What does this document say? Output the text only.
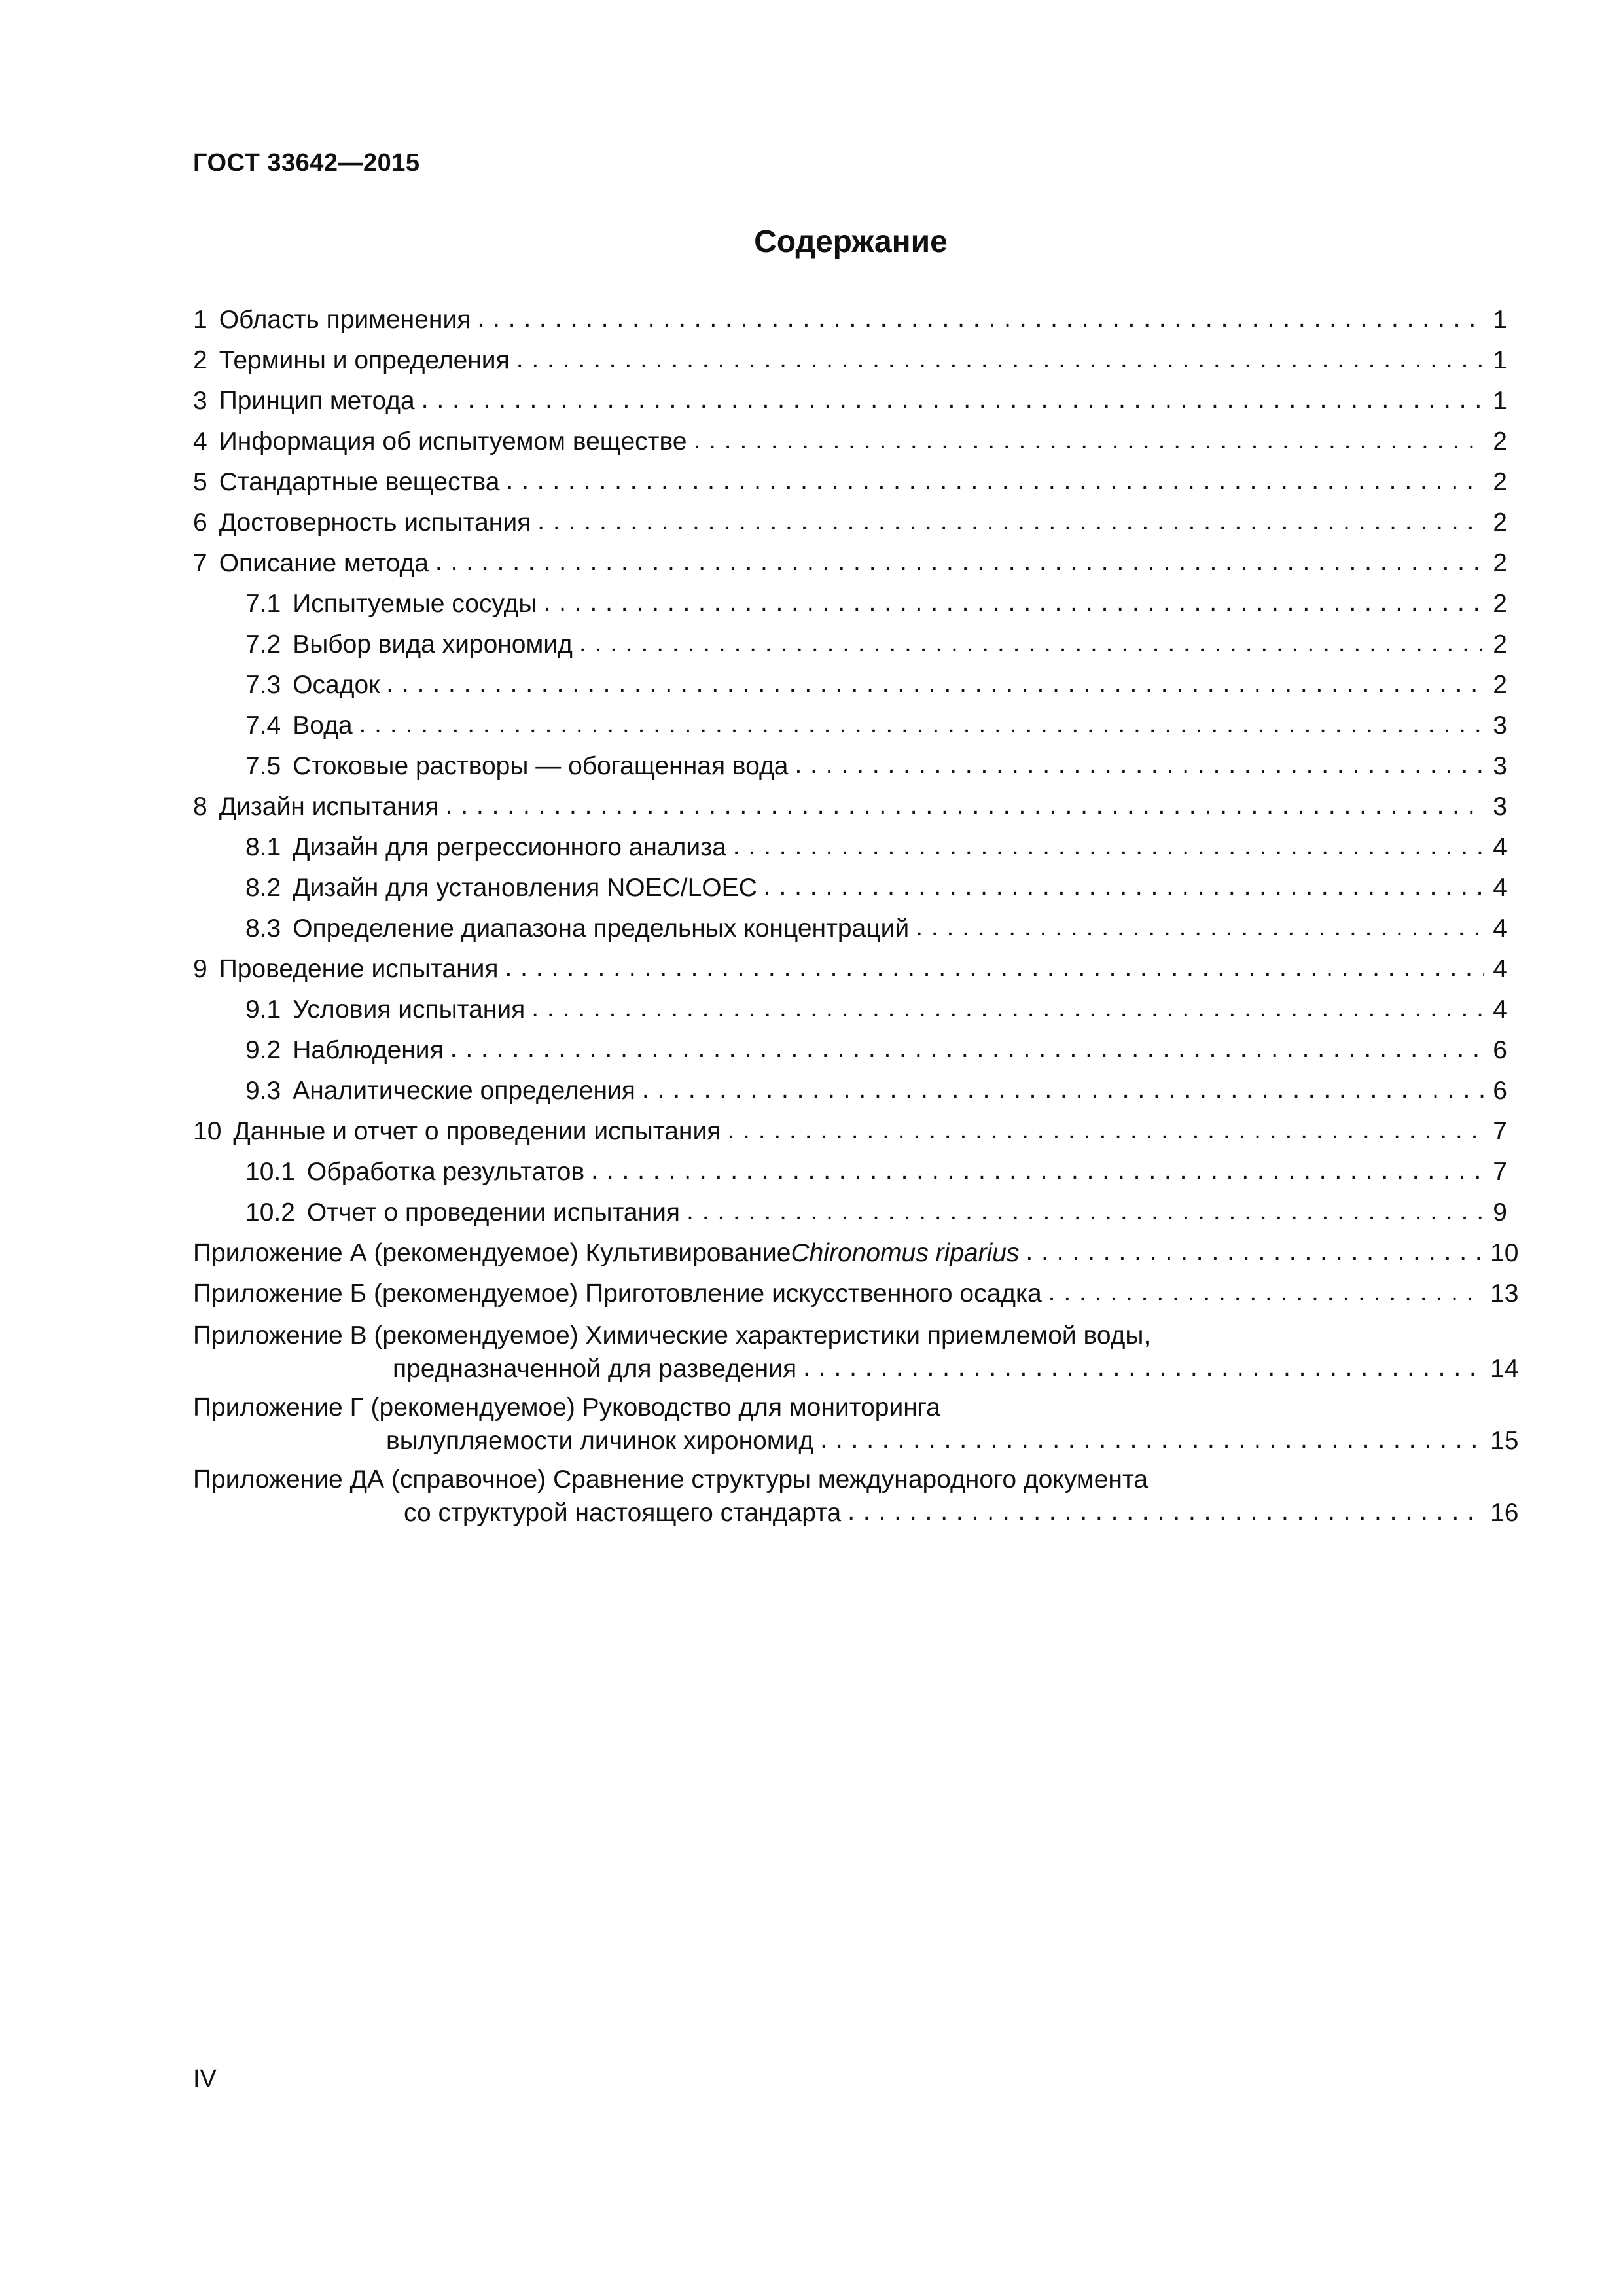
ГОСТ 33642—2015
Содержание
1 Область применения . . .	1
2 Термины и определения . . .	1
3 Принцип метода . . .	1
4 Информация об испытуемом веществе . . .	2
5 Стандартные вещества . . .	2
6 Достоверность испытания . . .	2
7 Описание метода . . .	2
7.1 Испытуемые сосуды . . .	2
7.2 Выбор вида хирономид . . .	2
7.3 Осадок . . .	2
7.4 Вода . . .	3
7.5 Стоковые растворы — обогащенная вода . . .	3
8 Дизайн испытания . . .	3
8.1 Дизайн для регрессионного анализа . . .	4
8.2 Дизайн для установления NOEC/LOEC . . .	4
8.3 Определение диапазона предельных концентраций . . .	4
9 Проведение испытания . . .	4
9.1 Условия испытания . . .	4
9.2 Наблюдения . . .	6
9.3 Аналитические определения . . .	6
10 Данные и отчет о проведении испытания . . .	7
10.1 Обработка результатов . . .	7
10.2 Отчет о проведении испытания . . .	9
Приложение А (рекомендуемое) Культивирование Chironomus riparius . . .	10
Приложение Б (рекомендуемое) Приготовление искусственного осадка . . .	13
Приложение В (рекомендуемое) Химические характеристики приемлемой воды,
предназначенной для разведения . . .	14
Приложение Г (рекомендуемое) Руководство для мониторинга
вылупляемости личинок хирономид . . .	15
Приложение ДА (справочное) Сравнение структуры международного документа
со структурой настоящего стандарта . . .	16
IV
